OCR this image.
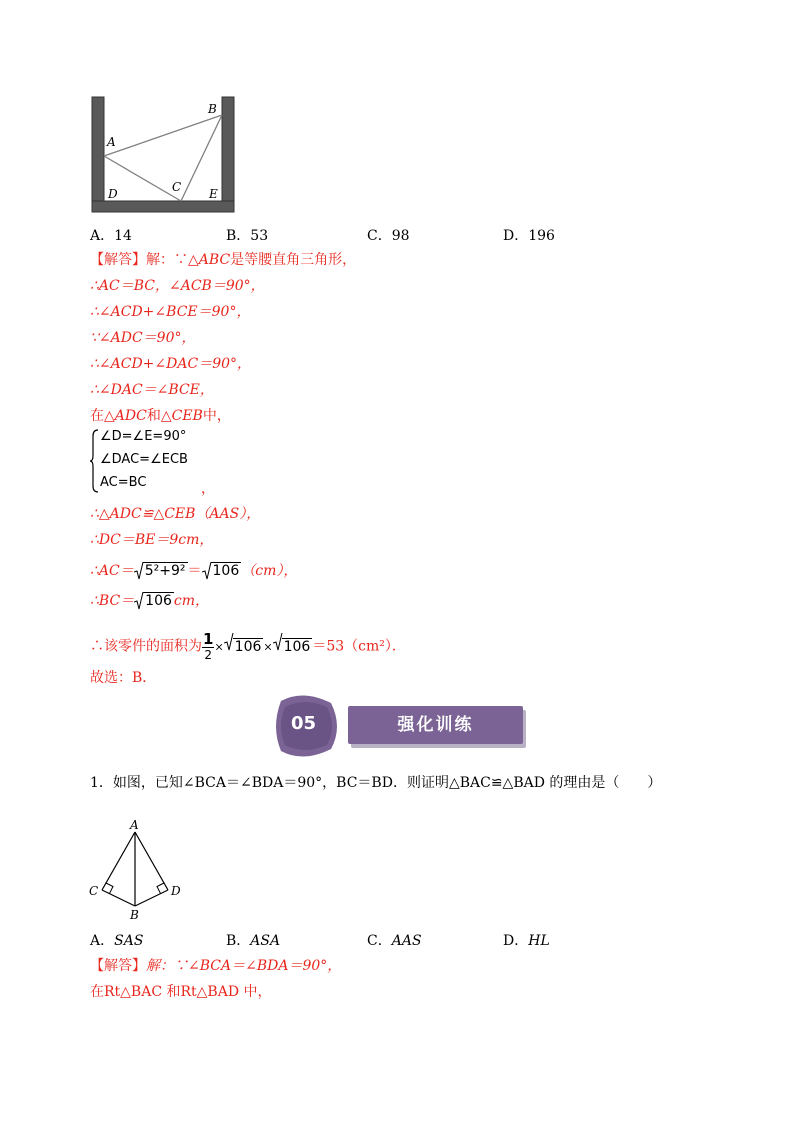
A
B
C
D	E
A．14	B．53	C．98	D．196
【解答】解：∵△ABC是等腰直角三角形，
∴AC＝BC，∠ACB＝90°，
∴∠ACD+∠BCE＝90°，
∵∠ADC＝90°，
∴∠ACD+∠DAC＝90°，
∴∠DAC＝∠BCE，
在△ADC和△CEB中，
∠D=∠E=90°
∠DAC=∠ECB
AC=BC	，
∴△ADC≌△CEB（AAS），
∴DC＝BE＝9cm，
∴AC＝ 5²+9² ＝ 106 （cm），
∴BC＝ 106 cm，
∴该零件的面积为 $\frac{1}{2} \times 106 \times 106 =53(cm^2)$．
故选：B．
05	强化训练
1．如图，已知∠BCA＝∠BDA＝90°，BC＝BD．则证明△BAC≌△BAD 的理由是（　　）
A
B
C	D
A．SAS	B．ASA	C．AAS	D．HL
【解答】解：∵∠BCA＝∠BDA＝90°，
在Rt△BAC 和Rt△BAD 中，
